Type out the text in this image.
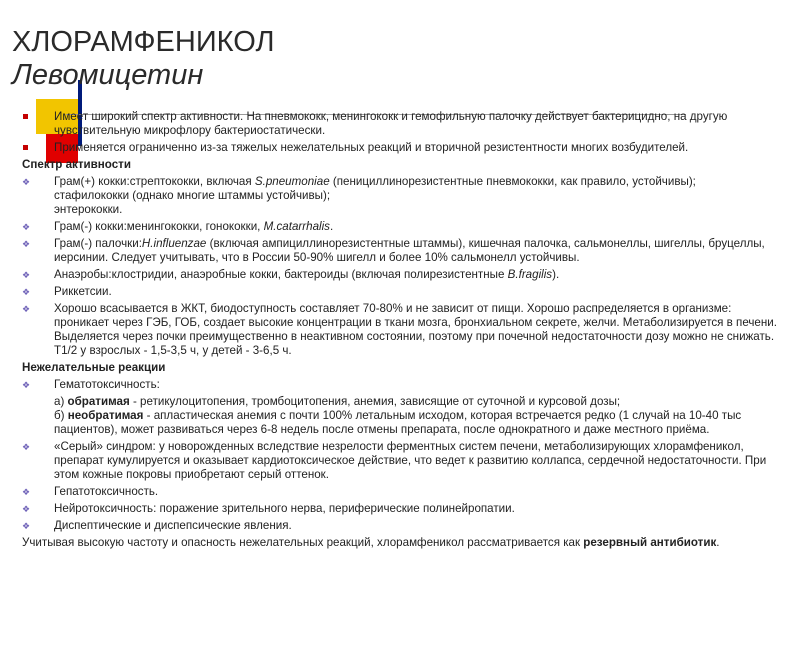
ХЛОРАМФЕНИКОЛ
Левомицетин
Имеет широкий спектр активности. На пневмококк, менингококк и гемофильную палочку действует бактерицидно, на другую чувствительную микрофлору бактериостатически.
Применяется ограниченно из-за тяжелых нежелательных реакций и вторичной резистентности многих возбудителей.
Спектр активности
❖ Грам(+) кокки:стрептококки, включая S.pneumoniae (пенициллинорезистентные пневмококки, как правило, устойчивы);
стафилококки (однако многие штаммы устойчивы);
энтерококки.
❖ Грам(-) кокки:менингококки, гонококки, M.catarrhalis.
❖ Грам(-) палочки:H.influenzae (включая ампициллинорезистентные штаммы), кишечная палочка, сальмонеллы, шигеллы, бруцеллы, иерсинии. Следует учитывать, что в России 50-90% шигелл и более 10% сальмонелл устойчивы.
❖ Анаэробы:клостридии, анаэробные кокки, бактероиды (включая полирезистентные B.fragilis).
❖ Риккетсии.
❖ Хорошо всасывается в ЖКТ, биодоступность составляет 70-80% и не зависит от пищи. Хорошо распределяется в организме: проникает через ГЭБ, ГОБ, создает высокие концентрации в ткани мозга, бронхиальном секрете, желчи. Метаболизируется в печени. Выделяется через почки преимущественно в неактивном состоянии, поэтому при почечной недостаточности дозу можно не снижать. Т1/2 у взрослых - 1,5-3,5 ч, у детей - 3-6,5 ч.
Нежелательные реакции
❖ Гематотоксичность:
а) обратимая - ретикулоцитопения, тромбоцитопения, анемия, зависящие от суточной и курсовой дозы;
б) необратимая - апластическая анемия с почти 100% летальным исходом, которая встречается редко (1 случай на 10-40 тыс пациентов), может развиваться через 6-8 недель после отмены препарата, после однократного и даже местного приёма.
❖ «Серый» синдром: у новорожденных вследствие незрелости ферментных систем печени, метаболизирующих хлорамфеникол, препарат кумулируется и оказывает кардиотоксическое действие, что ведет к развитию коллапса, сердечной недостаточности. При этом кожные покровы приобретают серый оттенок.
❖ Гепатотоксичность.
❖ Нейротоксичность: поражение зрительного нерва, периферические полинейропатии.
❖ Диспептические и диспепсические явления.
Учитывая высокую частоту и опасность нежелательных реакций, хлорамфеникол рассматривается как резервный антибиотик.
